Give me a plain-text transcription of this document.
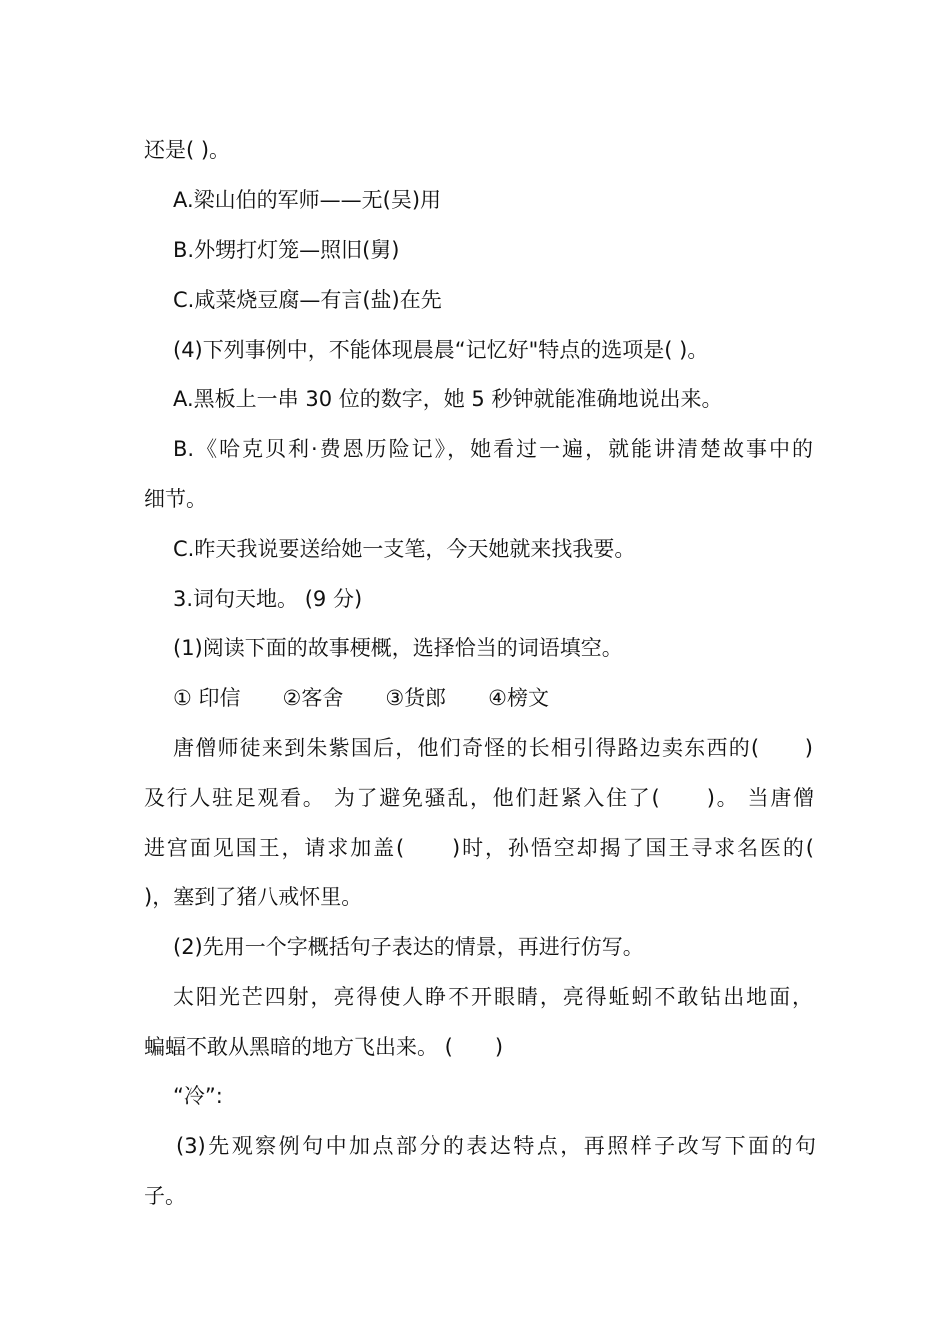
还是( )。
A.梁山伯的军师——无(吴)用
B.外甥打灯笼—照旧(舅)
C.咸菜烧豆腐—有言(盐)在先
(4)下列事例中，不能体现晨晨“记忆好"特点的选项是( )。
A.黑板上一串 30 位的数字，她 5 秒钟就能准确地说出来。
B.《哈克贝利·费恩历险记》，她看过一遍，就能讲清楚故事中的
细节。
C.昨天我说要送给她一支笔，今天她就来找我要。
3.词句天地。 (9 分)
(1)阅读下面的故事梗概，选择恰当的词语填空。
① 印信　　②客舍　　③货郎　　④榜文
唐僧师徒来到朱紫国后，他们奇怪的长相引得路边卖东西的(　　)
及行人驻足观看。 为了避免骚乱，他们赶紧入住了(　　)。 当唐僧
进宫面见国王，请求加盖(　　)时，孙悟空却揭了国王寻求名医的(
)，塞到了猪八戒怀里。
(2)先用一个字概括句子表达的情景，再进行仿写。
太阳光芒四射，亮得使人睁不开眼睛，亮得蚯蚓不敢钻出地面，
蝙蝠不敢从黑暗的地方飞出来。 (　　)
“冷”:
(3)先观察例句中加点部分的表达特点，再照样子改写下面的句
子。
